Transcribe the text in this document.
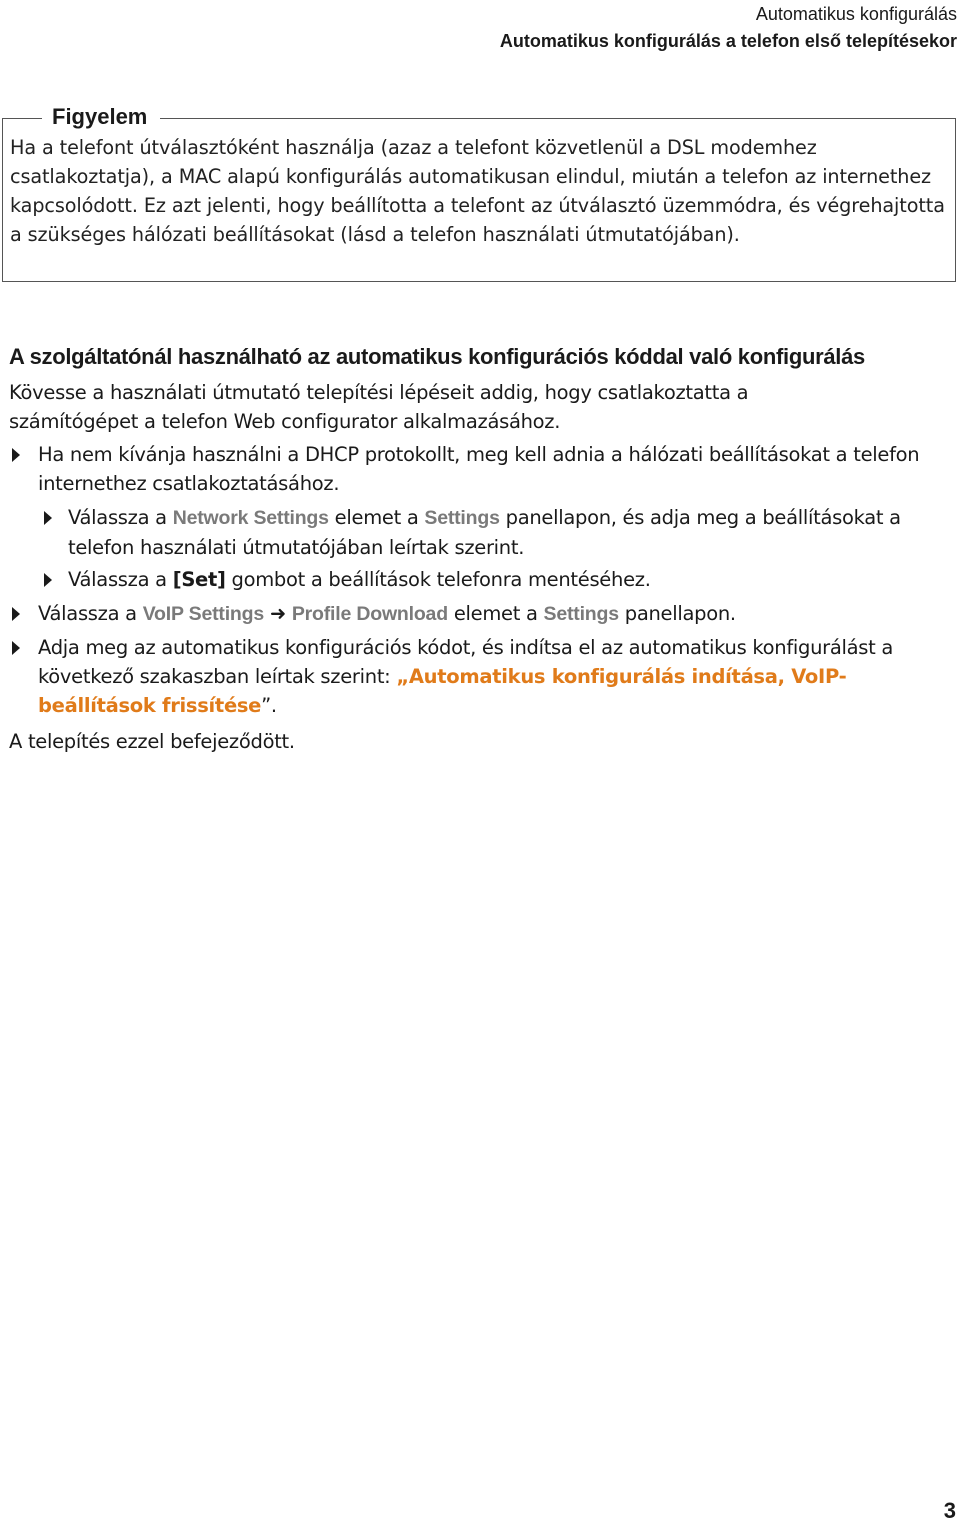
Automatikus konfigurálás
Automatikus konfigurálás a telefon első telepítésekor
Figyelem
Ha a telefont útválasztóként használja (azaz a telefont közvetlenül a DSL modemhez csatlakoztatja), a MAC alapú konfigurálás automatikusan elindul, miután a telefon az internethez kapcsolódott. Ez azt jelenti, hogy beállította a telefont az útválasztó üzemmódra, és végrehajtotta a szükséges hálózati beállításokat (lásd a telefon használati útmutatójában).
A szolgáltatónál használható az automatikus konfigurációs kóddal való konfigurálás
Kövesse a használati útmutató telepítési lépéseit addig, hogy csatlakoztatta a számítógépet a telefon Web configurator alkalmazásához.
Ha nem kívánja használni a DHCP protokollt, meg kell adnia a hálózati beállításokat a telefon internethez csatlakoztatásához.
Válassza a Network Settings elemet a Settings panellapon, és adja meg a beállításokat a telefon használati útmutatójában leírtak szerint.
Válassza a [Set] gombot a beállítások telefonra mentéséhez.
Válassza a VoIP Settings ➜ Profile Download elemet a Settings panellapon.
Adja meg az automatikus konfigurációs kódot, és indítsa el az automatikus konfigurálást a következő szakaszban leírtak szerint: „Automatikus konfigurálás indítása, VoIP-beállítások frissítése”.
A telepítés ezzel befejeződött.
3
